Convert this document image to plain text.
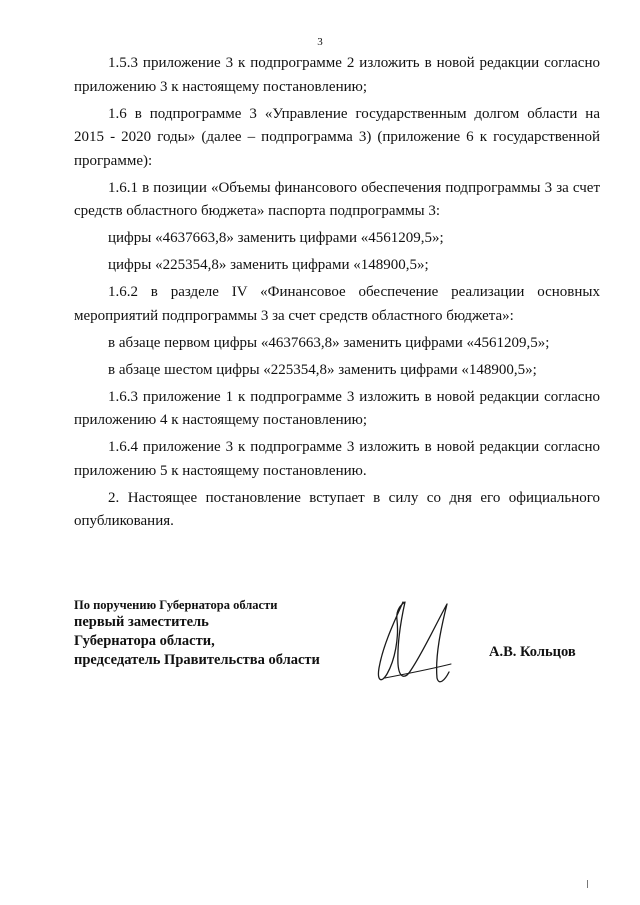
3

1.5.3 приложение 3 к подпрограмме 2 изложить в новой редакции согласно приложению 3 к настоящему постановлению;

1.6 в подпрограмме 3 «Управление государственным долгом области на 2015 - 2020 годы» (далее – подпрограмма 3) (приложение 6 к государственной программе):

1.6.1 в позиции «Объемы финансового обеспечения подпрограммы 3 за счет средств областного бюджета» паспорта подпрограммы 3:

цифры «4637663,8» заменить цифрами «4561209,5»;

цифры «225354,8» заменить цифрами «148900,5»;

1.6.2 в разделе IV «Финансовое обеспечение реализации основных мероприятий подпрограммы 3 за счет средств областного бюджета»:

в абзаце первом цифры «4637663,8» заменить цифрами «4561209,5»;

в абзаце шестом цифры «225354,8» заменить цифрами «148900,5»;

1.6.3 приложение 1 к подпрограмме 3 изложить в новой редакции согласно приложению 4 к настоящему постановлению;

1.6.4 приложение 3 к подпрограмме 3 изложить в новой редакции согласно приложению 5 к настоящему постановлению.

2. Настоящее постановление вступает в силу со дня его официального опубликования.

По поручению Губернатора области
первый заместитель
Губернатора области,
председатель Правительства области	А.В. Кольцов
